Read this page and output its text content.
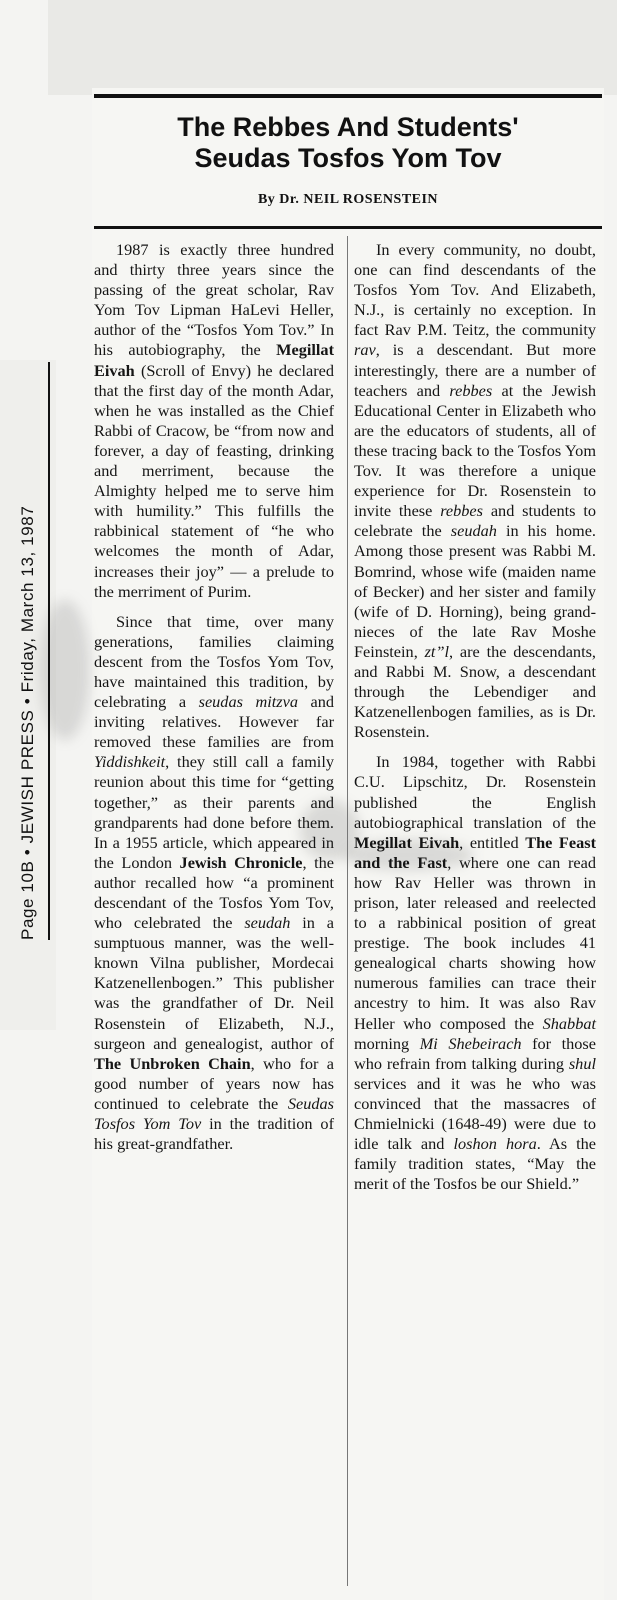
The Rebbes And Students'
Seudas Tosfos Yom Tov
By Dr. NEIL ROSENSTEIN
Page 10B • JEWISH PRESS • Friday, March 13, 1987

1987 is exactly three hundred and thirty three years since the passing of the great scholar, Rav Yom Tov Lipman HaLevi Heller, author of the “Tosfos Yom Tov.” In his autobiography, the Megillat Eivah (Scroll of Envy) he declared that the first day of the month Adar, when he was installed as the Chief Rabbi of Cracow, be “from now and forever, a day of feasting, drinking and merriment, because the Almighty helped me to serve him with humility.” This fulfills the rabbinical statement of “he who welcomes the month of Adar, increases their joy” — a prelude to the merriment of Purim.

Since that time, over many generations, families claiming descent from the Tosfos Yom Tov, have maintained this tradition, by celebrating a seudas mitzva and inviting relatives. However far removed these families are from Yiddishkeit, they still call a family reunion about this time for “getting together,” as their parents and grandparents had done before them. In a 1955 article, which appeared in the London Jewish Chronicle, the author recalled how “a prominent descendant of the Tosfos Yom Tov, who celebrated the seudah in a sumptuous manner, was the well-known Vilna publisher, Mordecai Katzenellenbogen.” This publisher was the grandfather of Dr. Neil Rosenstein of Elizabeth, N.J., surgeon and genealogist, author of The Unbroken Chain, who for a good number of years now has continued to celebrate the Seudas Tosfos Yom Tov in the tradition of his great-grandfather.

In every community, no doubt, one can find descendants of the Tosfos Yom Tov. And Elizabeth, N.J., is certainly no exception. In fact Rav P.M. Teitz, the community rav, is a descendant. But more interestingly, there are a number of teachers and rebbes at the Jewish Educational Center in Elizabeth who are the educators of students, all of these tracing back to the Tosfos Yom Tov. It was therefore a unique experience for Dr. Rosenstein to invite these rebbes and students to celebrate the seudah in his home. Among those present was Rabbi M. Bomrind, whose wife (maiden name of Becker) and her sister and family (wife of D. Horning), being grand-nieces of the late Rav Moshe Feinstein, zt”l, are the descendants, and Rabbi M. Snow, a descendant through the Lebendiger and Katzenellenbogen families, as is Dr. Rosenstein.

In 1984, together with Rabbi C.U. Lipschitz, Dr. Rosenstein published the English autobiographical translation of the Megillat Eivah, entitled The Feast and the Fast, where one can read how Rav Heller was thrown in prison, later released and reelected to a rabbinical position of great prestige. The book includes 41 genealogical charts showing how numerous families can trace their ancestry to him. It was also Rav Heller who composed the Shabbat morning Mi Shebeirach for those who refrain from talking during shul services and it was he who was convinced that the massacres of Chmielnicki (1648-49) were due to idle talk and loshon hora. As the family tradition states, “May the merit of the Tosfos be our Shield.”
